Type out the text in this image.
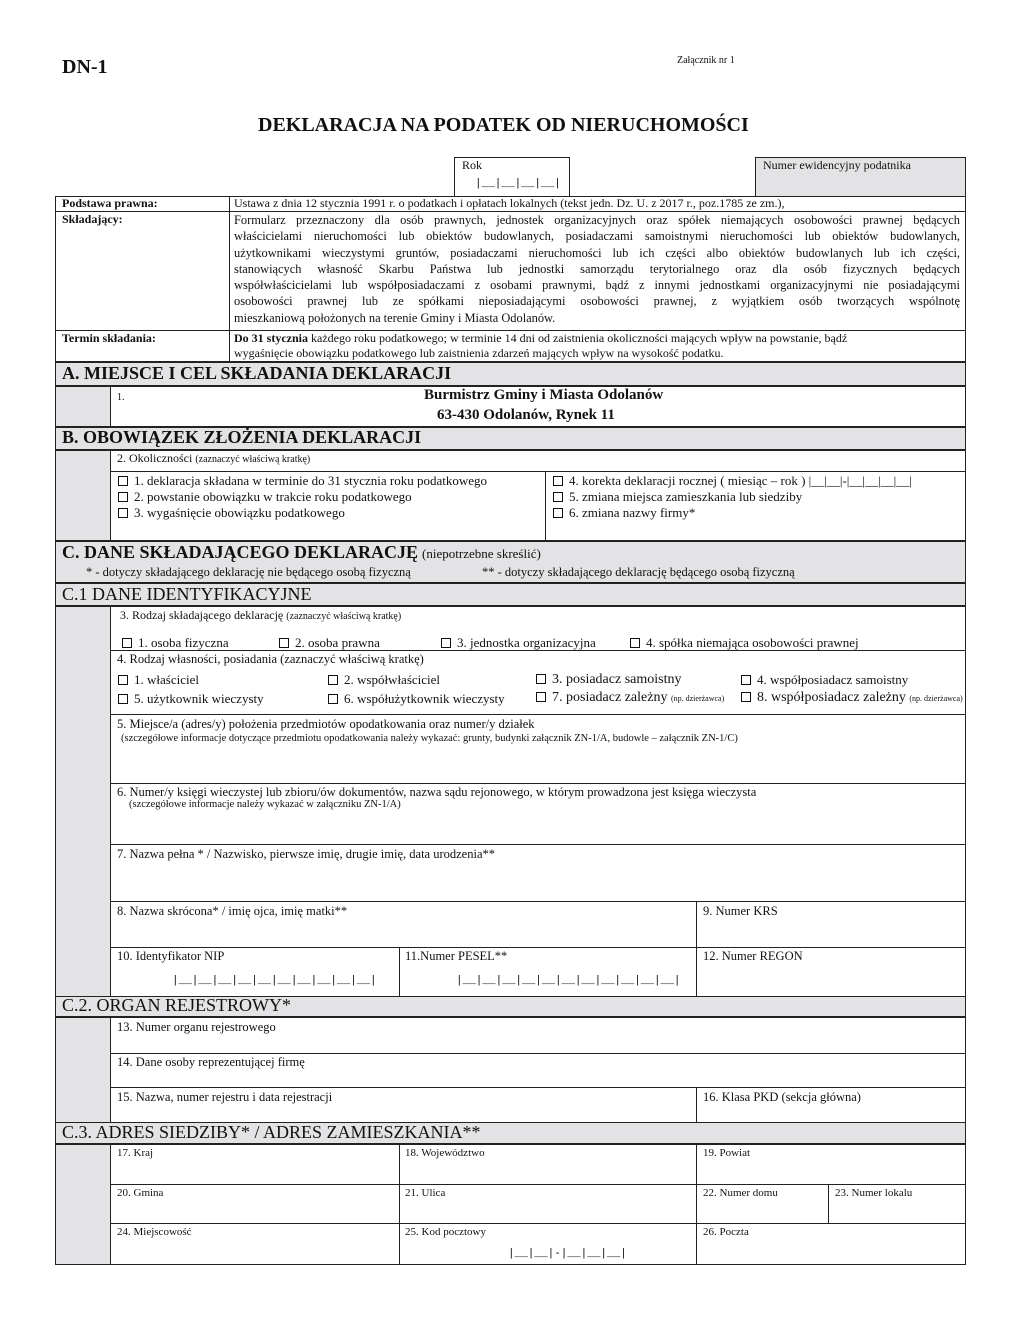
DN-1	Załącznik nr 1
DEKLARACJA NA PODATEK OD NIERUCHOMOŚCI
Rok
|__|__|__|__|
Numer ewidencyjny podatnika
Podstawa prawna:	Ustawa z dnia 12 stycznia 1991 r. o podatkach i opłatach lokalnych (tekst jedn. Dz. U. z 2017 r., poz.1785 ze zm.),
Składający:	Formularz przeznaczony dla osób prawnych, jednostek organizacyjnych oraz spółek niemających osobowości prawnej będących
właścicielami nieruchomości lub obiektów budowlanych, posiadaczami samoistnymi nieruchomości lub obiektów budowlanych,
użytkownikami wieczystymi gruntów, posiadaczami nieruchomości lub ich części albo obiektów budowlanych lub ich części,
stanowiących własność Skarbu Państwa lub jednostki samorządu terytorialnego oraz dla osób fizycznych będących
współwłaścicielami lub współposiadaczami z osobami prawnymi, bądź z innymi jednostkami organizacyjnymi nie posiadającymi
osobowości prawnej lub ze spółkami nieposiadającymi osobowości prawnej, z wyjątkiem osób tworzących wspólnotę
mieszkaniową położonych na terenie Gminy i Miasta Odolanów.
Termin składania:	Do 31 stycznia każdego roku podatkowego; w terminie 14 dni od zaistnienia okoliczności mających wpływ na powstanie, bądź
wygaśnięcie obowiązku podatkowego lub zaistnienia zdarzeń mających wpływ na wysokość podatku.
A. MIEJSCE I CEL SKŁADANIA DEKLARACJI
1.	Burmistrz Gminy i Miasta Odolanów
63-430 Odolanów, Rynek 11
B. OBOWIĄZEK ZŁOŻENIA DEKLARACJI
2. Okoliczności (zaznaczyć właściwą kratkę)
1. deklaracja składana w terminie do 31 stycznia roku podatkowego
2. powstanie obowiązku w trakcie roku podatkowego
3. wygaśnięcie obowiązku podatkowego
4. korekta deklaracji rocznej ( miesiąc – rok ) |__|__|-|__|__|__|__|
5. zmiana miejsca zamieszkania lub siedziby
6. zmiana nazwy firmy*
C. DANE SKŁADAJĄCEGO DEKLARACJĘ (niepotrzebne skreślić)
* - dotyczy składającego deklarację nie będącego osobą fizyczną	** - dotyczy składającego deklarację będącego osobą fizyczną
C.1 DANE IDENTYFIKACYJNE
3. Rodzaj składającego deklarację (zaznaczyć właściwą kratkę)
1. osoba fizyczna	2. osoba prawna	3. jednostka organizacyjna	4. spółka niemająca osobowości prawnej
4. Rodzaj własności, posiadania (zaznaczyć właściwą kratkę)
1. właściciel	2. współwłaściciel	3. posiadacz samoistny	4. współposiadacz samoistny
5. użytkownik wieczysty	6. współużytkownik wieczysty	7. posiadacz zależny (np. dzierżawca)	8. współposiadacz zależny (np. dzierżawca)
5. Miejsce/a (adres/y) położenia przedmiotów opodatkowania oraz numer/y działek
(szczegółowe informacje dotyczące przedmiotu opodatkowania należy wykazać: grunty, budynki załącznik ZN-1/A, budowle – załącznik ZN-1/C)
6. Numer/y księgi wieczystej lub zbioru/ów dokumentów, nazwa sądu rejonowego, w którym prowadzona jest księga wieczysta
(szczegółowe informacje należy wykazać w załączniku ZN-1/A)
7. Nazwa pełna * / Nazwisko, pierwsze imię, drugie imię, data urodzenia**
8. Nazwa skrócona* / imię ojca, imię matki**	9. Numer KRS
10. Identyfikator NIP
|__|__|__|__|__|__|__|__|__|__|
11.Numer PESEL**
|__|__|__|__|__|__|__|__|__|__|__|
12. Numer REGON
C.2. ORGAN REJESTROWY*
13. Numer organu rejestrowego
14. Dane osoby reprezentującej firmę
15. Nazwa, numer rejestru i data rejestracji	16. Klasa PKD (sekcja główna)
C.3. ADRES SIEDZIBY* / ADRES ZAMIESZKANIA**
17. Kraj	18. Województwo	19. Powiat
20. Gmina	21. Ulica	22. Numer domu	23. Numer lokalu
24. Miejscowość	25. Kod pocztowy
|__|__|-|__|__|__|
26. Poczta
